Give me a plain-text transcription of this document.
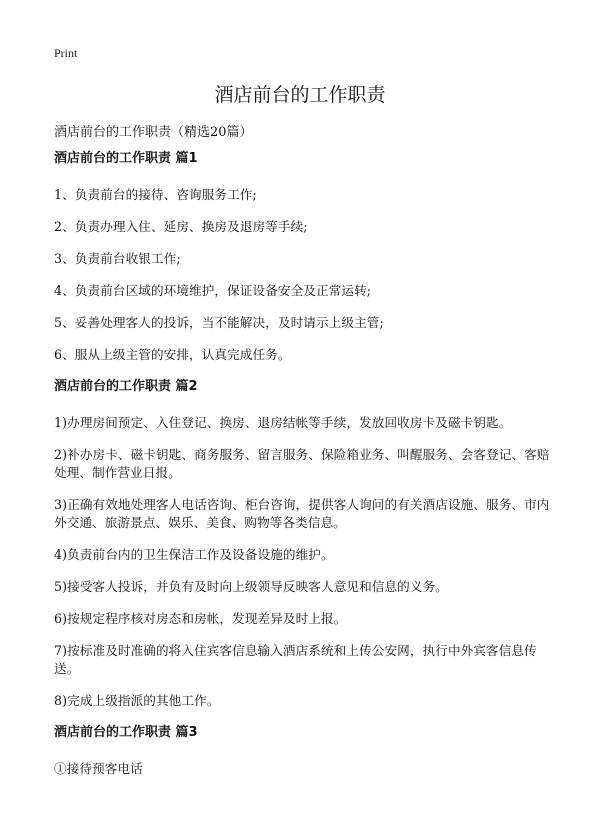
Print
酒店前台的工作职责
酒店前台的工作职责（精选20篇）
酒店前台的工作职责 篇1
1、负责前台的接待、咨询服务工作;
2、负责办理入住、延房、换房及退房等手续;
3、负责前台收银工作;
4、负责前台区域的环境维护，保证设备安全及正常运转;
5、妥善处理客人的投诉，当不能解决，及时请示上级主管;
6、服从上级主管的安排，认真完成任务。
酒店前台的工作职责 篇2
1)办理房间预定、入住登记、换房、退房结帐等手续，发放回收房卡及磁卡钥匙。
2)补办房卡、磁卡钥匙、商务服务、留言服务、保险箱业务、叫醒服务、会客登记、客赔处理、制作营业日报。
3)正确有效地处理客人电话咨询、柜台咨询，提供客人询问的有关酒店设施、服务、市内外交通、旅游景点、娱乐、美食、购物等各类信息。
4)负责前台内的卫生保洁工作及设备设施的维护。
5)接受客人投诉，并负有及时向上级领导反映客人意见和信息的义务。
6)按规定程序核对房态和房帐，发现差异及时上报。
7)按标准及时准确的将入住宾客信息输入酒店系统和上传公安网，执行中外宾客信息传送。
8)完成上级指派的其他工作。
酒店前台的工作职责 篇3
①接待预客电话
